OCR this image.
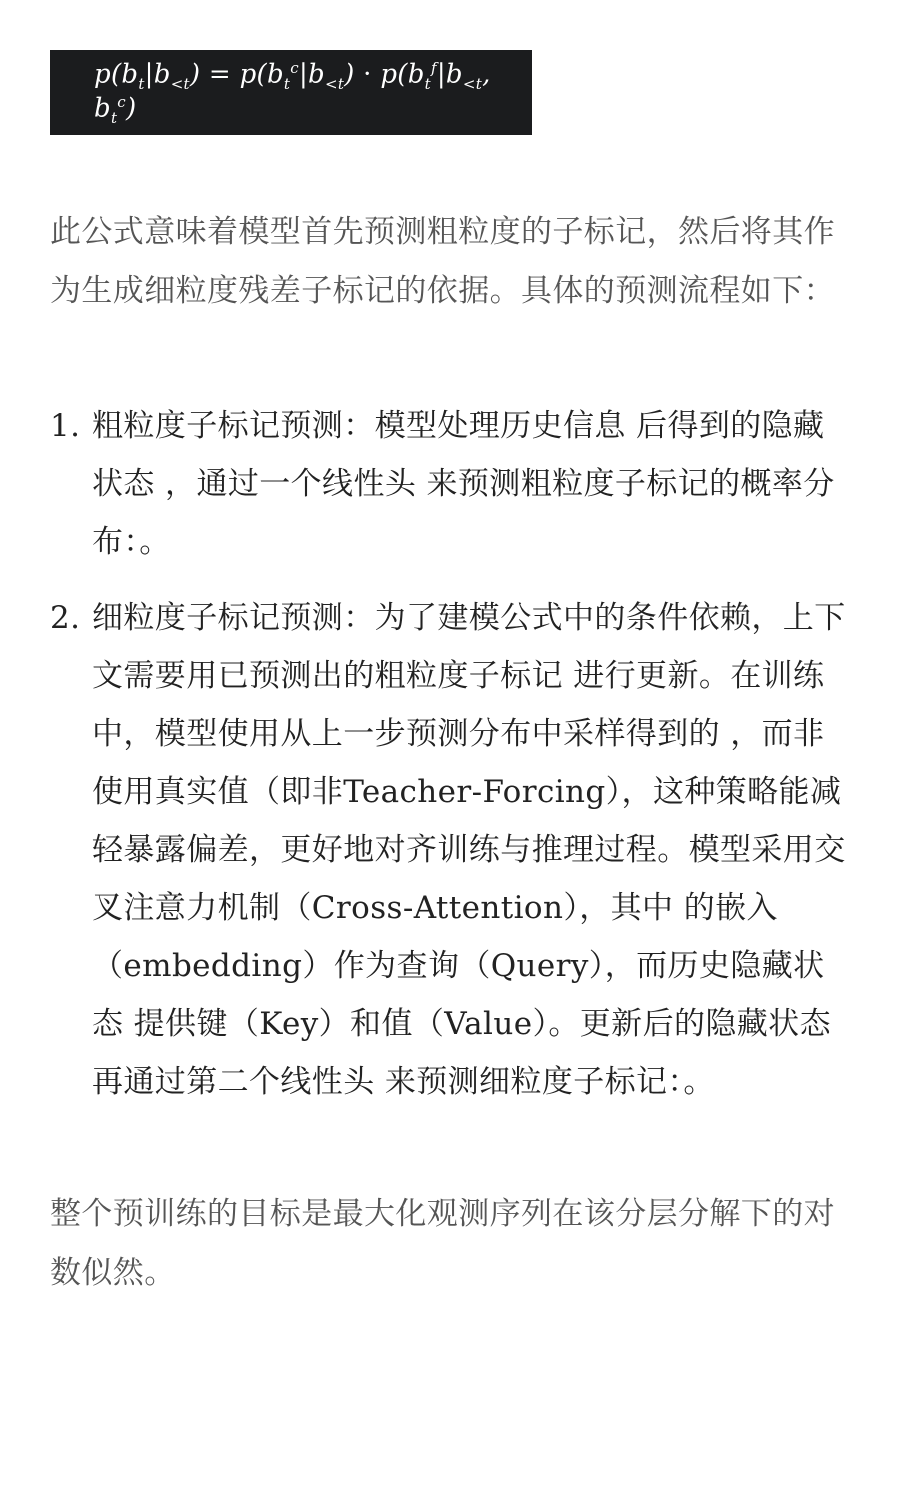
$p(b_t|b_{<t}) = p(b_t^c|b_{<t}) \cdot p(b_t^f|b_{<t}$, $b_t^c$)

此公式意味着模型首先预测粗粒度的子标记，然后将其作为生成细粒度残差子标记的依据。具体的预测流程如下：

1. 粗粒度子标记预测：模型处理历史信息 后得到的隐藏状态 ，通过一个线性头 来预测粗粒度子标记的概率分布：。
2. 细粒度子标记预测：为了建模公式中的条件依赖，上下文需要用已预测出的粗粒度子标记 进行更新。在训练中，模型使用从上一步预测分布中采样得到的 ，而非使用真实值（即非Teacher-Forcing），这种策略能减轻暴露偏差，更好地对齐训练与推理过程。模型采用交叉注意力机制（Cross-Attention），其中 的嵌入（embedding）作为查询（Query），而历史隐藏状态 提供键（Key）和值（Value）。更新后的隐藏状态 再通过第二个线性头 来预测细粒度子标记：。

整个预训练的目标是最大化观测序列在该分层分解下的对数似然。
